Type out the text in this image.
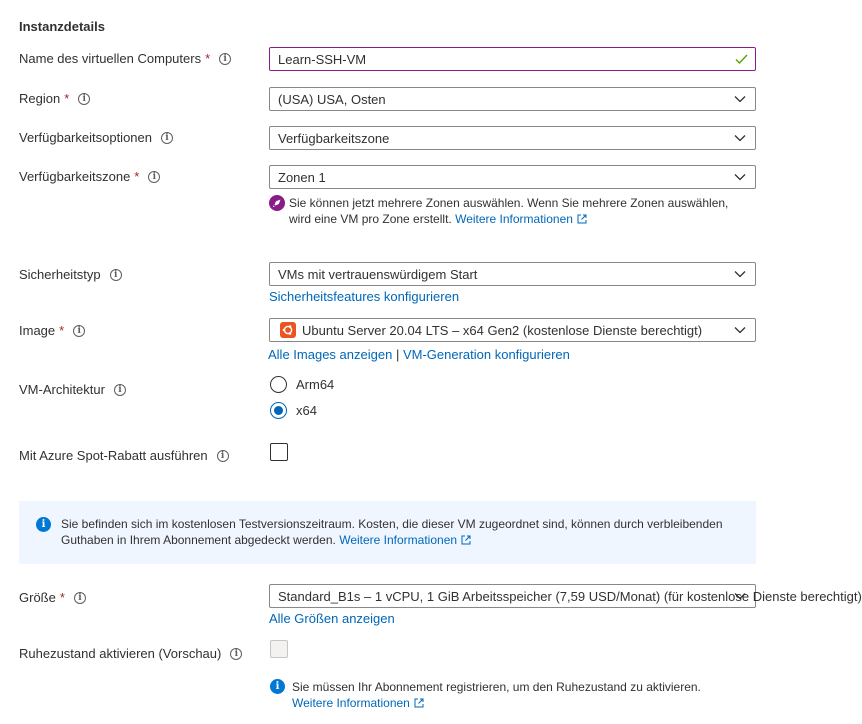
Instanzdetails
Name des virtuellen Computers *	i	Learn-SSH-VM
Region *	i	(USA) USA, Osten
Verfügbarkeitsoptionen	i	Verfügbarkeitszone
Verfügbarkeitszone *	i	Zonen 1
Sie können jetzt mehrere Zonen auswählen. Wenn Sie mehrere Zonen auswählen,
wird eine VM pro Zone erstellt. Weitere Informationen
Sicherheitstyp	i	VMs mit vertrauenswürdigem Start
Sicherheitsfeatures konfigurieren
Image *	i	Ubuntu Server 20.04 LTS – x64 Gen2 (kostenlose Dienste berechtigt)
Alle Images anzeigen | VM-Generation konfigurieren
VM-Architektur	i	Arm64
x64
Mit Azure Spot-Rabatt ausführen	i
i	Sie befinden sich im kostenlosen Testversionszeitraum. Kosten, die dieser VM zugeordnet sind, können durch verbleibenden
Guthaben in Ihrem Abonnement abgedeckt werden. Weitere Informationen
Größe *	i	Standard_B1s – 1 vCPU, 1 GiB Arbeitsspeicher (7,59 USD/Monat) (für kostenlose Dienste berechtigt)
Alle Größen anzeigen
Ruhezustand aktivieren (Vorschau)	i
i	Sie müssen Ihr Abonnement registrieren, um den Ruhezustand zu aktivieren.
Weitere Informationen
